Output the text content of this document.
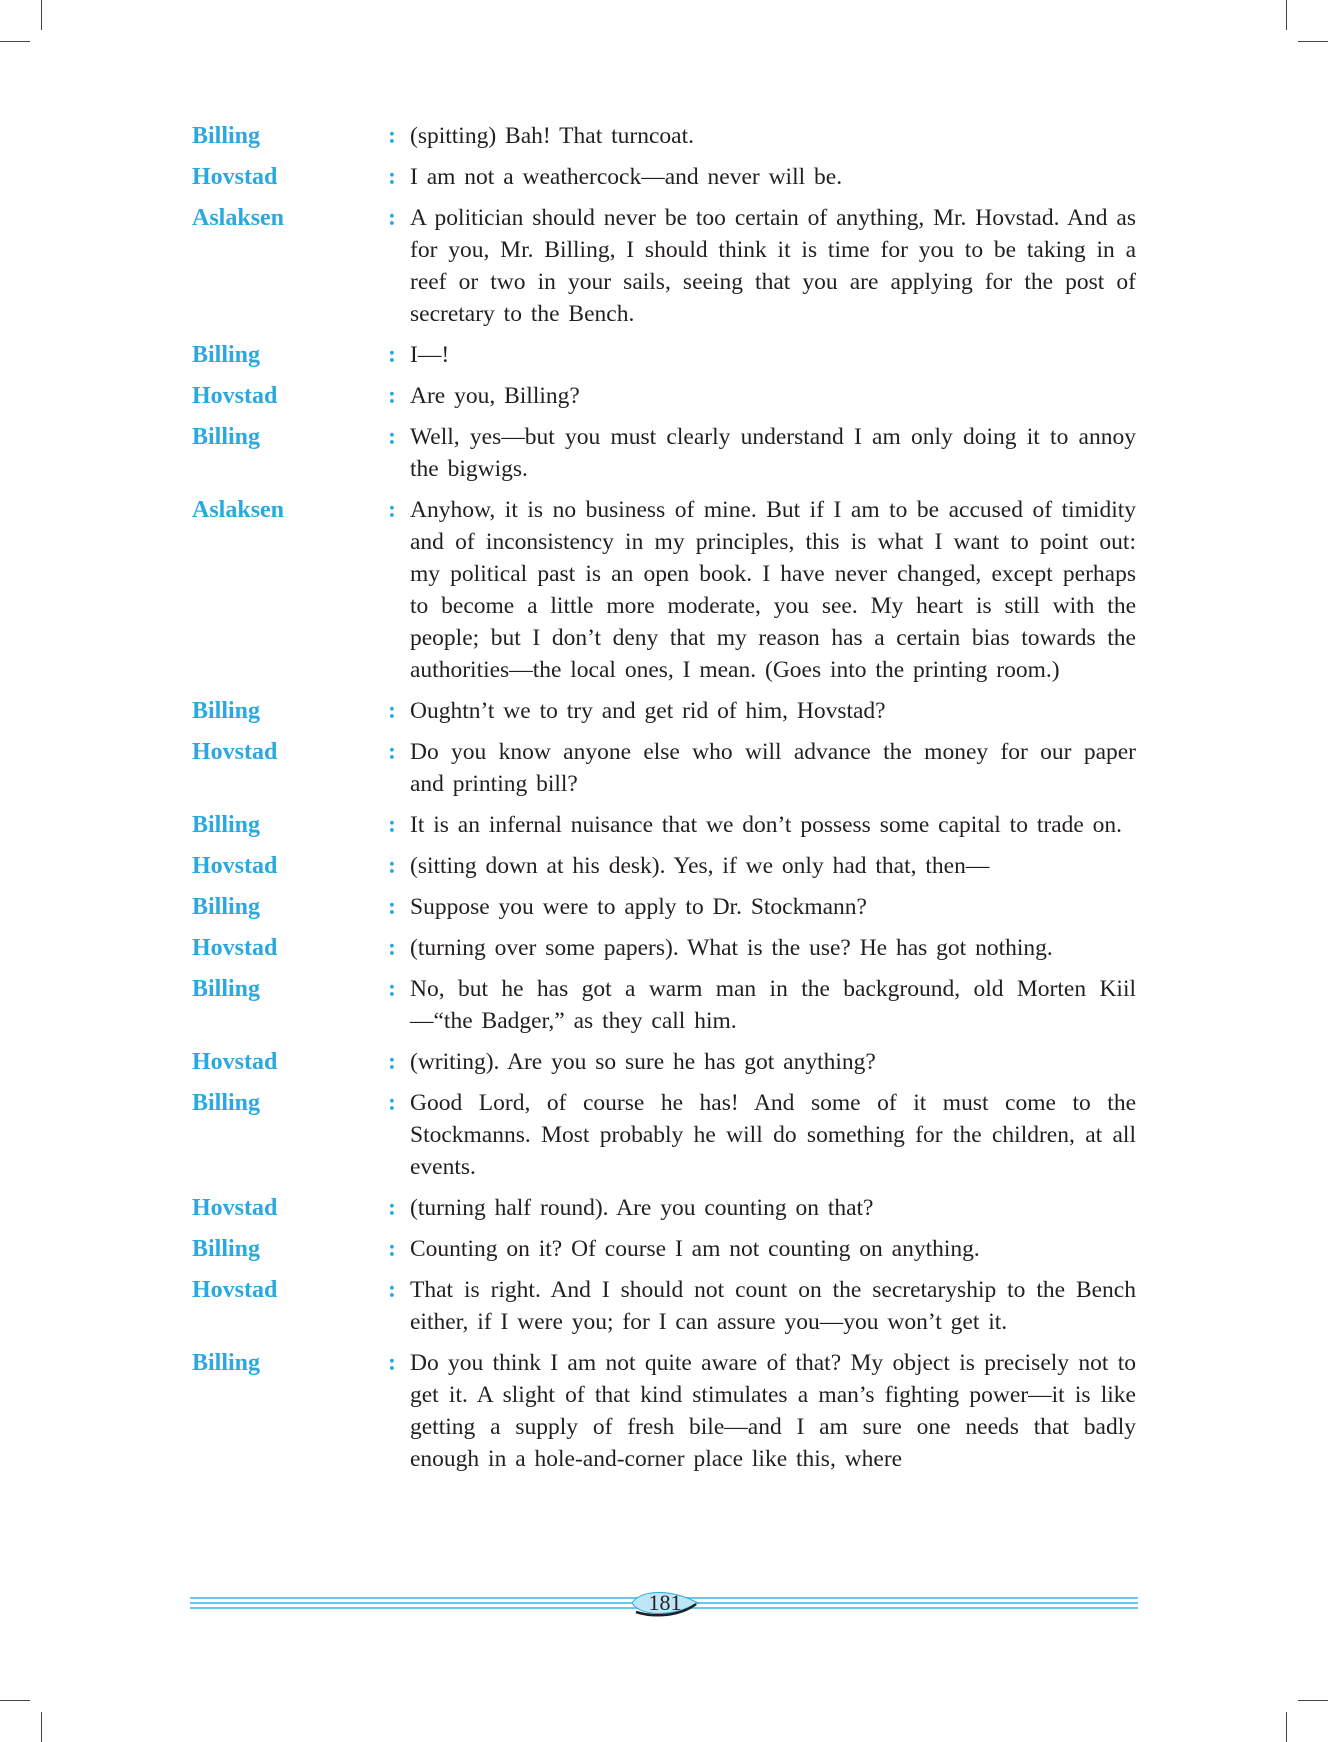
Billing	: (spitting) Bah! That turncoat.
Hovstad	: I am not a weathercock—and never will be.
Aslaksen	: A politician should never be too certain of anything, Mr. Hovstad. And as for you, Mr. Billing, I should think it is time for you to be taking in a reef or two in your sails, seeing that you are applying for the post of secretary to the Bench.
Billing	: I—!
Hovstad	: Are you, Billing?
Billing	: Well, yes—but you must clearly understand I am only doing it to annoy the bigwigs.
Aslaksen	: Anyhow, it is no business of mine. But if I am to be accused of timidity and of inconsistency in my principles, this is what I want to point out: my political past is an open book. I have never changed, except perhaps to become a little more moderate, you see. My heart is still with the people; but I don’t deny that my reason has a certain bias towards the authorities—the local ones, I mean. (Goes into the printing room.)
Billing	: Oughtn’t we to try and get rid of him, Hovstad?
Hovstad	: Do you know anyone else who will advance the money for our paper and printing bill?
Billing	: It is an infernal nuisance that we don’t possess some capital to trade on.
Hovstad	: (sitting down at his desk). Yes, if we only had that, then—
Billing	: Suppose you were to apply to Dr. Stockmann?
Hovstad	: (turning over some papers). What is the use? He has got nothing.
Billing	: No, but he has got a warm man in the background, old Morten Kiil—“the Badger,” as they call him.
Hovstad	: (writing). Are you so sure he has got anything?
Billing	: Good Lord, of course he has! And some of it must come to the Stockmanns. Most probably he will do something for the children, at all events.
Hovstad	: (turning half round). Are you counting on that?
Billing	: Counting on it? Of course I am not counting on anything.
Hovstad	: That is right. And I should not count on the secretaryship to the Bench either, if I were you; for I can assure you—you won’t get it.
Billing	: Do you think I am not quite aware of that? My object is precisely not to get it. A slight of that kind stimulates a man’s fighting power—it is like getting a supply of fresh bile—and I am sure one needs that badly enough in a hole-and-corner place like this, where
181
